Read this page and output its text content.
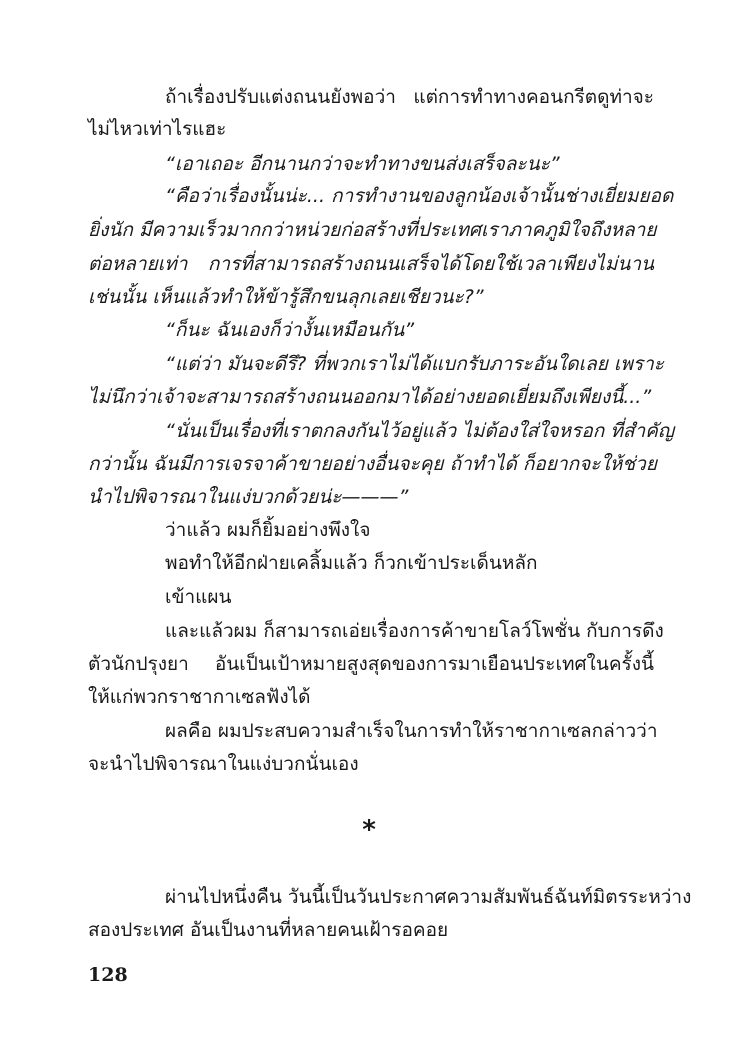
ถ้าเรื่องปรับแต่งถนนยังพอว่า แต่การทำทางคอนกรีตดูท่าจะ
ไม่ไหวเท่าไรแฮะ
“เอาเถอะ อีกนานกว่าจะทำทางขนส่งเสร็จละนะ”
“คือว่าเรื่องนั้นน่ะ... การทำงานของลูกน้องเจ้านั้นช่างเยี่ยมยอด
ยิ่งนัก มีความเร็วมากกว่าหน่วยก่อสร้างที่ประเทศเราภาคภูมิใจถึงหลาย
ต่อหลายเท่า การที่สามารถสร้างถนนเสร็จได้โดยใช้เวลาเพียงไม่นาน
เช่นนั้น เห็นแล้วทำให้ข้ารู้สึกขนลุกเลยเชียวนะ?”
“ก็นะ ฉันเองก็ว่างั้นเหมือนกัน”
“แต่ว่า มันจะดีรึ? ที่พวกเราไม่ได้แบกรับภาระอันใดเลย เพราะ
ไม่นึกว่าเจ้าจะสามารถสร้างถนนออกมาได้อย่างยอดเยี่ยมถึงเพียงนี้...”
“นั่นเป็นเรื่องที่เราตกลงกันไว้อยู่แล้ว ไม่ต้องใส่ใจหรอก ที่สำคัญ
กว่านั้น ฉันมีการเจรจาค้าขายอย่างอื่นจะคุย ถ้าทำได้ ก็อยากจะให้ช่วย
นำไปพิจารณาในแง่บวกด้วยน่ะ———”
ว่าแล้ว ผมก็ยิ้มอย่างพึงใจ
พอทำให้อีกฝ่ายเคลิ้มแล้ว ก็วกเข้าประเด็นหลัก
เข้าแผน
และแล้วผม ก็สามารถเอ่ยเรื่องการค้าขายโลว์โพชั่น กับการดึง
ตัวนักปรุงยา อันเป็นเป้าหมายสูงสุดของการมาเยือนประเทศในครั้งนี้
ให้แก่พวกราชากาเซลฟังได้
ผลคือ ผมประสบความสำเร็จในการทำให้ราชากาเซลกล่าวว่า
จะนำไปพิจารณาในแง่บวกนั่นเอง
ผ่านไปหนึ่งคืน วันนี้เป็นวันประกาศความสัมพันธ์ฉันท์มิตรระหว่าง
สองประเทศ อันเป็นงานที่หลายคนเฝ้ารอคอย
*
128
